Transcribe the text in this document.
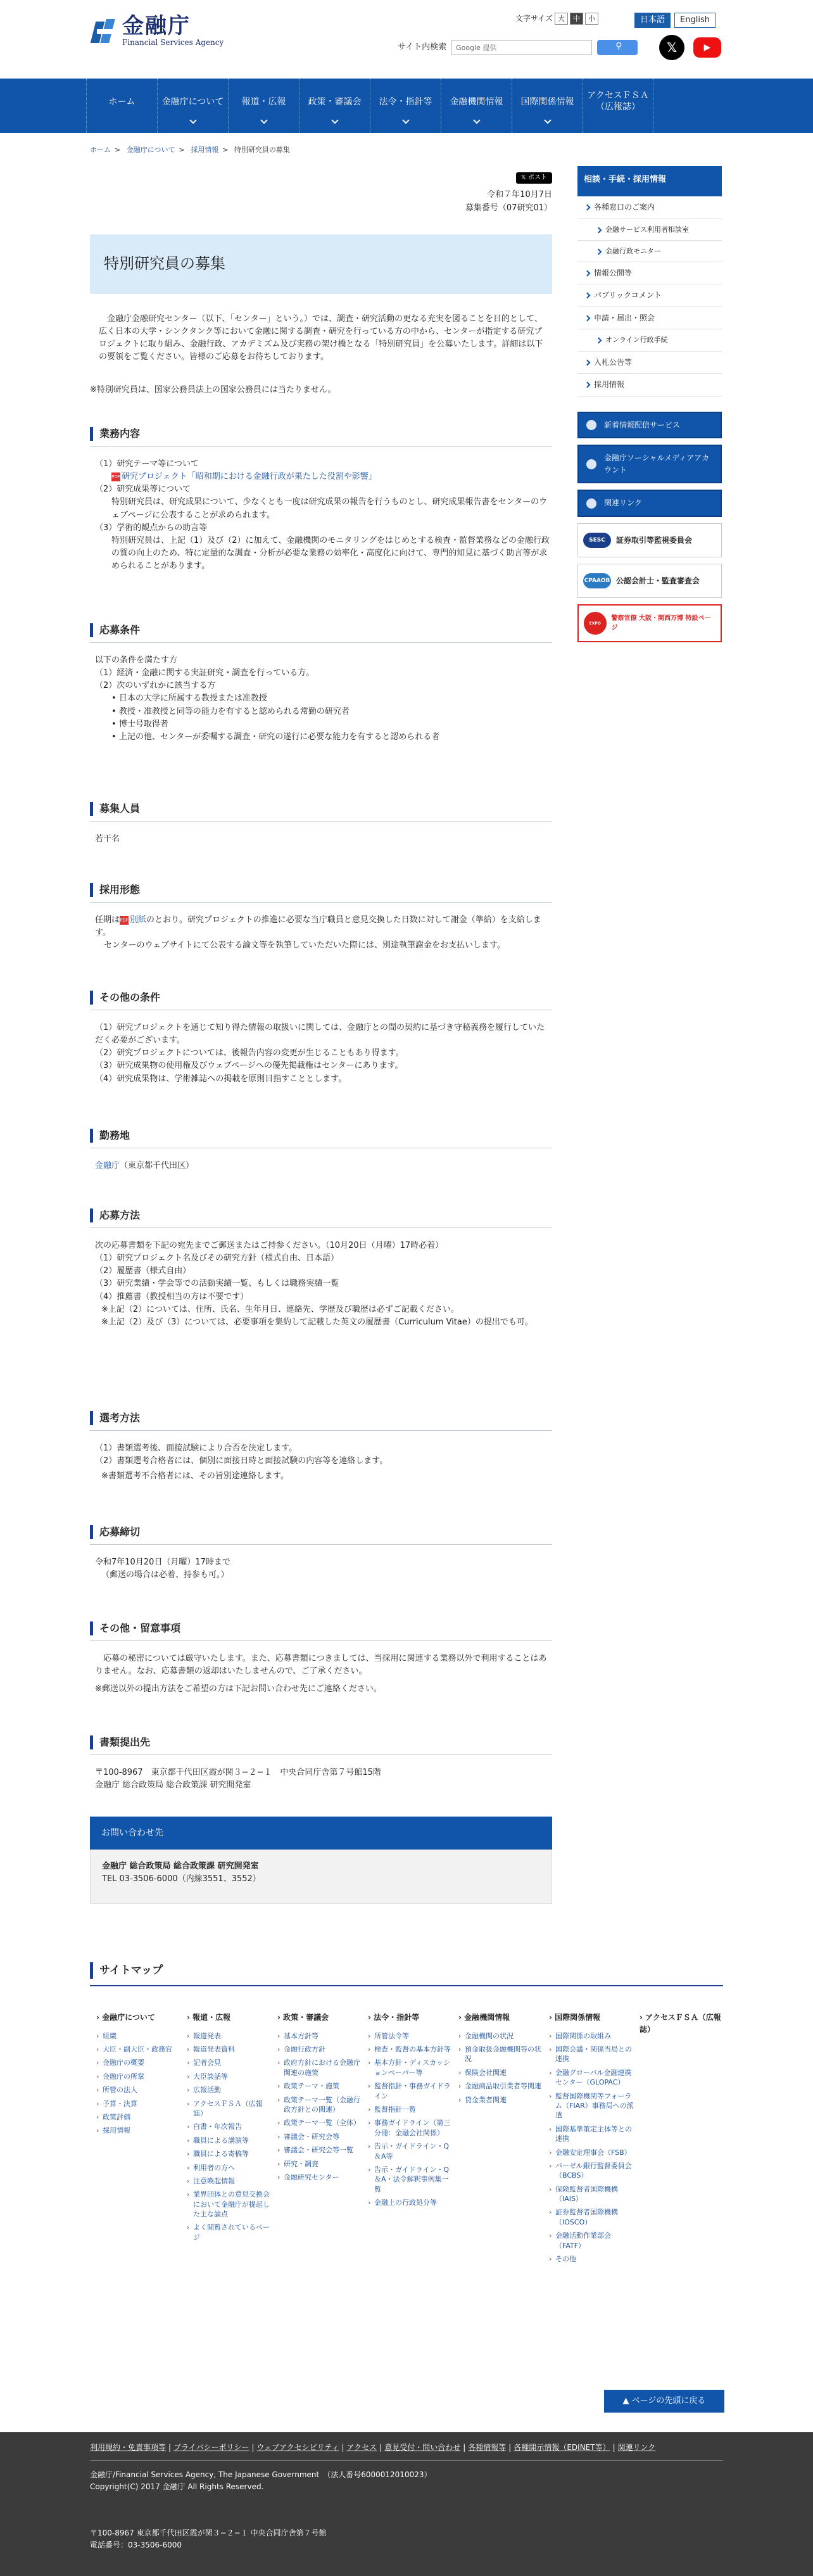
金融庁
Financial Services Agency
文字サイズ 大	中	小	日本語	English
サイト内検索	Google 提供	⚲	𝕏	▶
ホーム	金融庁について	報道・広報	政策・審議会	法令・指針等	金融機関情報	国際関係情報
アクセスＦＳＡ（広報誌）
ホーム > 金融庁について > 採用情報 > 特別研究員の募集
𝕏 ポスト
令和７年10月7日
募集番号（07研究01）
特別研究員の募集

金融庁金融研究センター（以下、「センター」という。）では、調査・研究活動の更なる充実を図ることを目的として、広く日本の大学・シンクタンク等において金融に関する調査・研究を行っている方の中から、センターが指定する研究プロジェクトに取り組み、金融行政、アカデミズム及び実務の架け橋となる「特別研究員」を公募いたします。詳細は以下の要領をご覧ください。皆様のご応募をお待ちしております。

※特別研究員は、国家公務員法上の国家公務員には当たりません。
業務内容
（1）研究テーマ等について
PDF 研究プロジェクト「昭和期における金融行政が果たした役割や影響」
（2）研究成果等について
特別研究員は、研究成果について、少なくとも一度は研究成果の報告を行うものとし、研究成果報告書をセンターのウェブページに公表することが求められます。
（3）学術的観点からの助言等
特別研究員は、上記（1）及び（2）に加えて、金融機関のモニタリングをはじめとする検査・監督業務などの金融行政の質の向上のため、特に定量的な調査・分析が必要な業務の効率化・高度化に向けて、専門的知見に基づく助言等が求められることがあります。
応募条件
以下の条件を満たす方
（1）経済・金融に関する実証研究・調査を行っている方。
（2）次のいずれかに該当する方
• 日本の大学に所属する教授または准教授
• 教授・准教授と同等の能力を有すると認められる常勤の研究者
• 博士号取得者
• 上記の他、センターが委嘱する調査・研究の遂行に必要な能力を有すると認められる者
募集人員
若干名
採用形態
任期はPDF 別紙のとおり。研究プロジェクトの推進に必要な当庁職員と意見交換した日数に対して謝金（準給）を支給します。
センターのウェブサイトにて公表する論文等を執筆していただいた際には、別途執筆謝金をお支払いします。
その他の条件
（1）研究プロジェクトを通じて知り得た情報の取扱いに関しては、金融庁との間の契約に基づき守秘義務を履行していただく必要がございます。
（2）研究プロジェクトについては、後報告内容の変更が生じることもあり得ます。
（3）研究成果物の使用権及びウェブページへの優先掲載権はセンターにあります。
（4）研究成果物は、学術雑誌への掲載を原則目指すこととします。
勤務地
金融庁（東京都千代田区）
応募方法
次の応募書類を下記の宛先までご郵送またはご持参ください。（10月20日（月曜）17時必着）
（1）研究プロジェクト名及びその研究方針（様式自由、日本語）
（2）履歴書（様式自由）
（3）研究業績・学会等での活動実績一覧、もしくは職務実績一覧
（4）推薦書（教授相当の方は不要です）
※上記（2）については、住所、氏名、生年月日、連絡先、学歴及び職歴は必ずご記載ください。
※上記（2）及び（3）については、必要事項を集約して記載した英文の履歴書（Curriculum Vitae）の提出でも可。
選考方法
（1）書類選考後、面接試験により合否を決定します。
（2）書類選考合格者には、個別に面接日時と面接試験の内容等を連絡します。
※書類選考不合格者には、その旨別途連絡します。
応募締切
令和7年10月20日（月曜）17時まで
（郵送の場合は必着、持参も可。）
その他・留意事項

応募の秘密については厳守いたします。また、応募書類につきましては、当採用に関連する業務以外で利用することはありません。なお、応募書類の返却はいたしませんので、ご了承ください。

※郵送以外の提出方法をご希望の方は下記お問い合わせ先にご連絡ください。
書類提出先
〒100-8967　東京都千代田区霞が関３−２−１　中央合同庁舎第７号館15階
金融庁 総合政策局 総合政策課 研究開発室
お問い合わせ先
金融庁 総合政策局 総合政策課 研究開発室
TEL 03-3506-6000（内線3551、3552）
相談・手続・採用情報
各種窓口のご案内
金融サービス利用者相談室
金融行政モニター
情報公開等
パブリックコメント
申請・届出・照会
オンライン行政手続
入札公告等
採用情報
新着情報配信サービス
金融庁ソーシャルメディアアカウント
関連リンク
SESC	証券取引等監視委員会
CPAAOB 公認会計士・監査審査会
EXPO 2025
警察官僚 大阪・関西万博 特設ページ
サイトマップ
› 金融庁について
› 組織
› 大臣・副大臣・政務官
› 金融庁の概要
› 金融庁の所掌
› 所管の法人
› 予算・決算
› 政策評価
› 採用情報
› 報道・広報
› 報道発表
› 報道発表資料
› 記者会見
› 大臣談話等
› 広報活動
› アクセスＦＳＡ（広報誌）
› 白書・年次報告
› 職員による講演等
› 職員による寄稿等
› 利用者の方へ
› 注意喚起情報
› 業界団体との意見交換会において金融庁が提起した主な論点
› よく閲覧されているページ
› 政策・審議会
› 基本方針等
› 金融行政方針
› 政府方針における金融庁関連の施策
› 政策テーマ・施策
› 政策テーマ一覧（金融行政方針との関連）
› 政策テーマ一覧（全体）
› 審議会・研究会等
› 審議会・研究会等一覧
› 研究・調査
› 金融研究センター
› 法令・指針等
› 所管法令等
› 検査・監督の基本方針等
› 基本方針・ディスカッションペーパー等
› 監督指針・事務ガイドライン
› 監督指針一覧
› 事務ガイドライン（第三分冊：金融会社関係）
› 告示・ガイドライン・Q＆A等
› 告示・ガイドライン・Q＆A・法令解釈事例集一覧
› 金融上の行政処分等
› 金融機関情報
› 金融機関の状況
› 預金取扱金融機関等の状況
› 保険会社関連
› 金融商品取引業者等関連
› 貸金業者関連
› 国際関係情報
› 国際関係の取組み
› 国際会議・関係当局との連携
› 金融グローバル金融連携センター（GLOPAC）
› 監督国際機関等フォーラム（FIAR）事務局への派遣
› 国際基準策定主体等との連携
› 金融安定理事会（FSB）
› バーゼル銀行監督委員会（BCBS）
› 保険監督者国際機構（IAIS）
› 証券監督者国際機構（IOSCO）
› 金融活動作業部会（FATF）
› その他
› アクセスＦＳＡ（広報誌）
▲ ページの先頭に戻る
利用規約・免責事項等 | プライバシーポリシー | ウェブアクセシビリティ | アクセス | 意見受付・問い合わせ | 各種情報等 | 各種開示情報（EDINET等） | 関連リンク
金融庁/Financial Services Agency, The Japanese Government　（法人番号6000012010023）
Copyright(C) 2017 金融庁 All Rights Reserved.
〒100-8967 東京都千代田区霞が関３−２−１ 中央合同庁舎第７号館
電話番号：03-3506-6000
